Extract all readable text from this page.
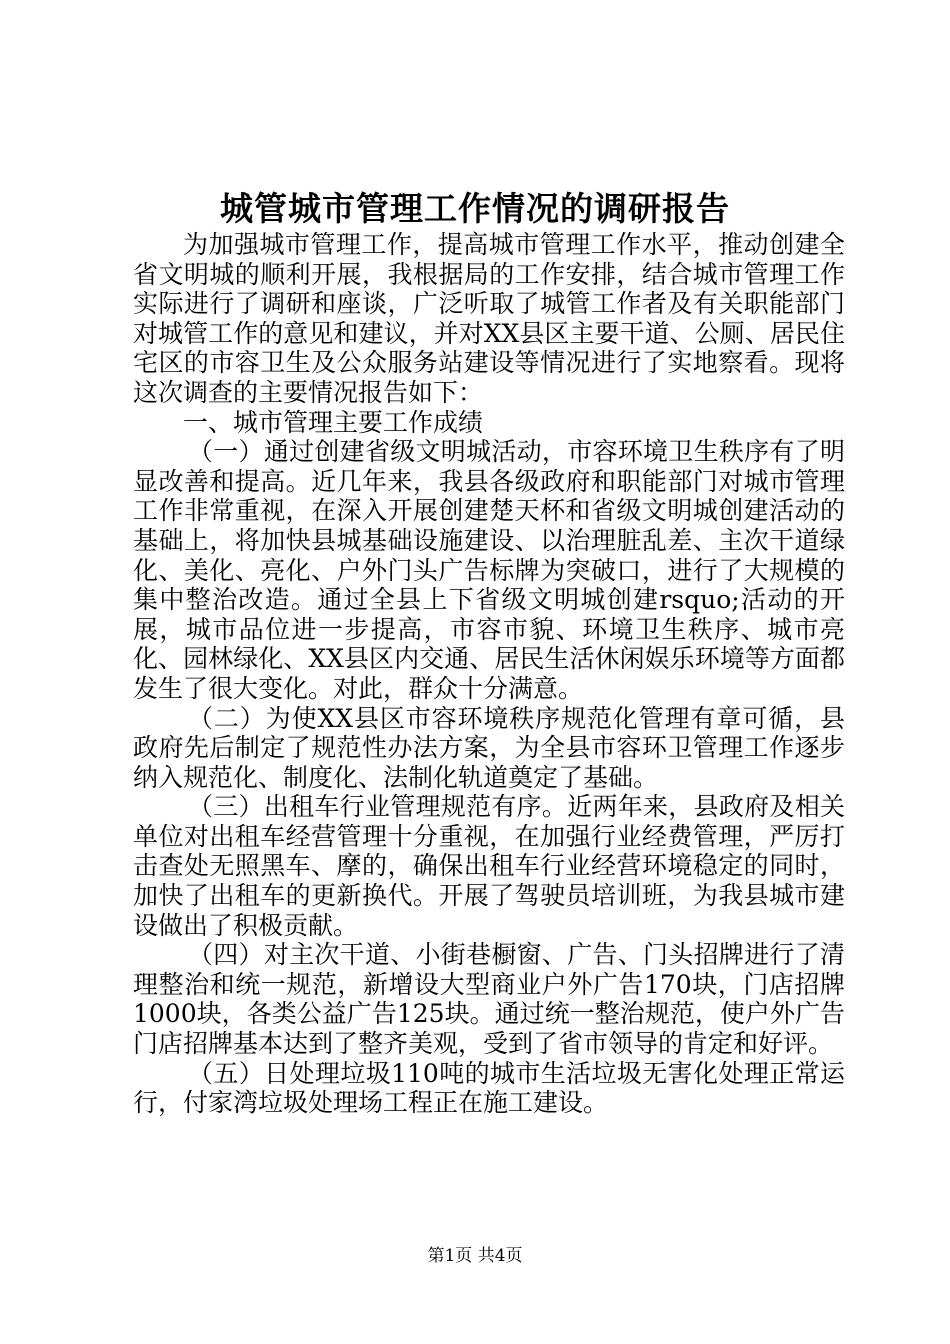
城管城市管理工作情况的调研报告

为加强城市管理工作，提高城市管理工作水平，推动创建全省文明城的顺利开展，我根据局的工作安排，结合城市管理工作实际进行了调研和座谈，广泛听取了城管工作者及有关职能部门对城管工作的意见和建议，并对XX县区主要干道、公厕、居民住宅区的市容卫生及公众服务站建设等情况进行了实地察看。现将这次调查的主要情况报告如下：

一、城市管理主要工作成绩

（一）通过创建省级文明城活动，市容环境卫生秩序有了明显改善和提高。近几年来，我县各级政府和职能部门对城市管理工作非常重视，在深入开展创建楚天杯和省级文明城创建活动的基础上，将加快县城基础设施建设、以治理脏乱差、主次干道绿化、美化、亮化、户外门头广告标牌为突破口，进行了大规模的集中整治改造。通过全县上下省级文明城创建rsquo;活动的开展，城市品位进一步提高，市容市貌、环境卫生秩序、城市亮化、园林绿化、XX县区内交通、居民生活休闲娱乐环境等方面都发生了很大变化。对此，群众十分满意。

（二）为使XX县区市容环境秩序规范化管理有章可循，县政府先后制定了规范性办法方案，为全县市容环卫管理工作逐步纳入规范化、制度化、法制化轨道奠定了基础。

（三）出租车行业管理规范有序。近两年来，县政府及相关单位对出租车经营管理十分重视，在加强行业经费管理，严厉打击查处无照黑车、摩的，确保出租车行业经营环境稳定的同时，加快了出租车的更新换代。开展了驾驶员培训班，为我县城市建设做出了积极贡献。

（四）对主次干道、小街巷橱窗、广告、门头招牌进行了清理整治和统一规范，新增设大型商业户外广告170块，门店招牌1000块，各类公益广告125块。通过统一整治规范，使户外广告门店招牌基本达到了整齐美观，受到了省市领导的肯定和好评。

（五）日处理垃圾110吨的城市生活垃圾无害化处理正常运行，付家湾垃圾处理场工程正在施工建设。

第1页 共4页
